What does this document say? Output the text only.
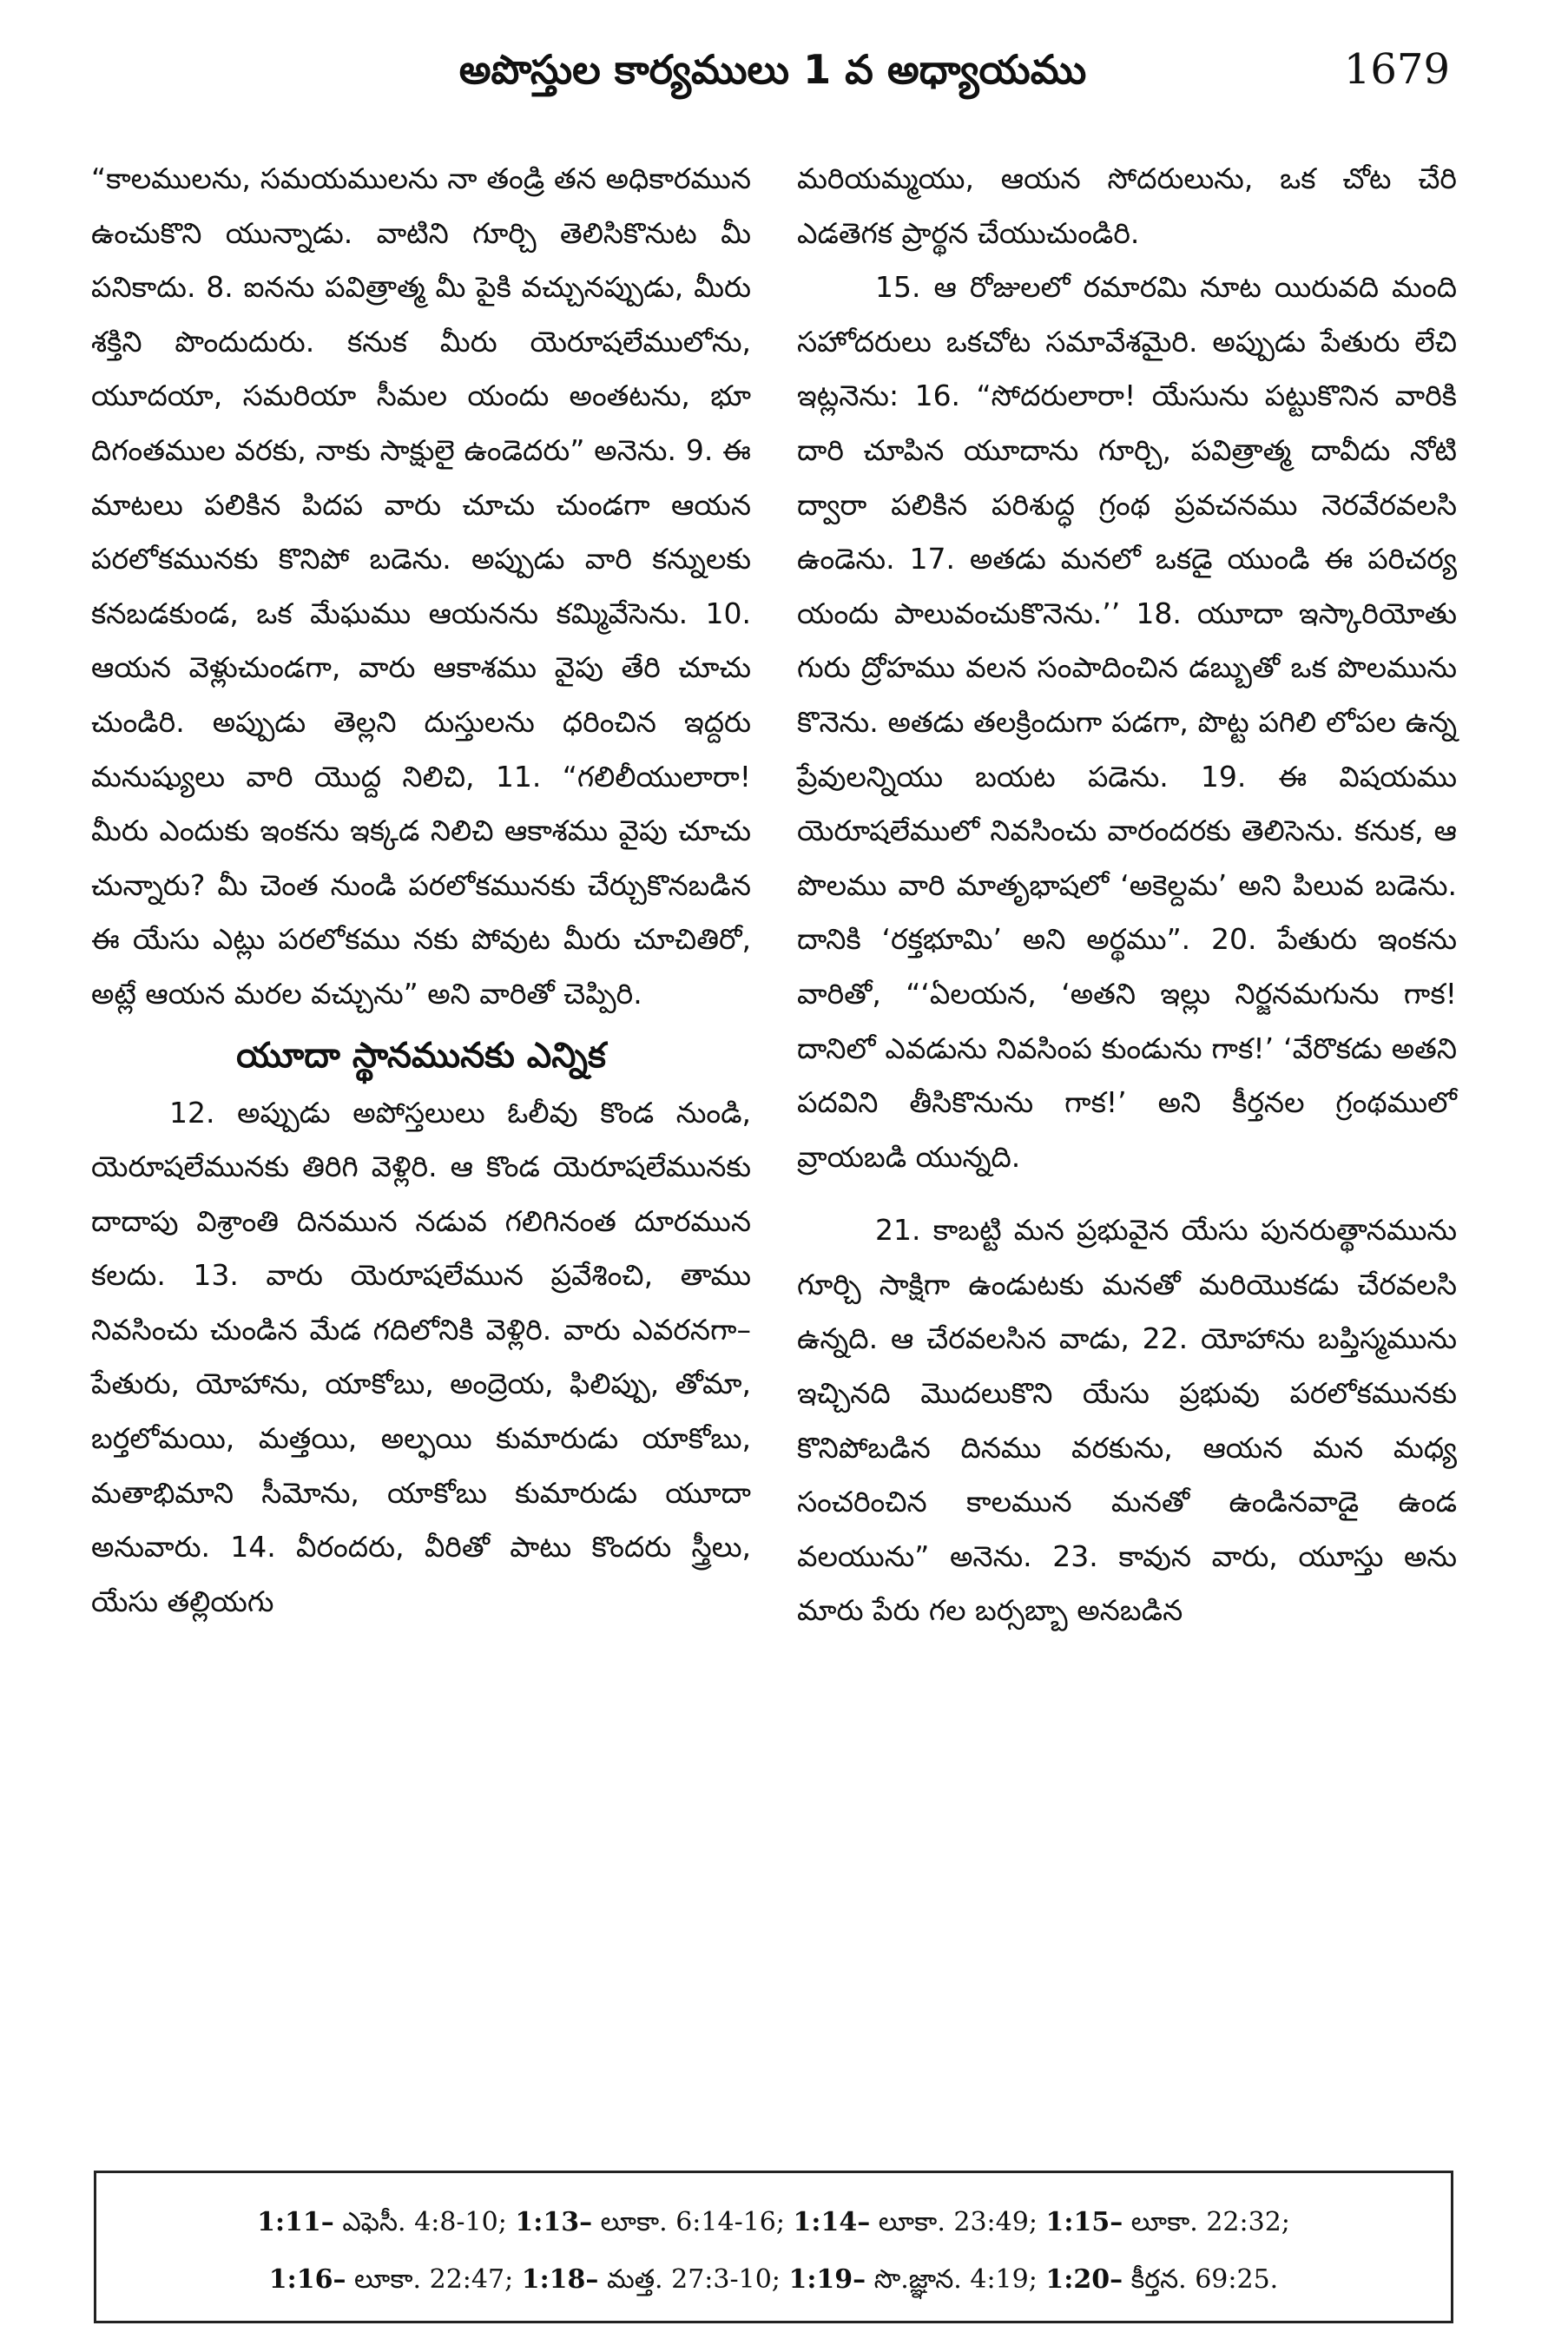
అపొస్తుల కార్యములు 1 వ అధ్యాయము	1679

“కాలములను, సమయములను నా తండ్రి తన అధికారమున ఉంచుకొని యున్నాడు. వాటిని గూర్చి తెలిసికొనుట మీ పనికాదు. 8. ఐనను పవిత్రాత్మ మీ పైకి వచ్చునప్పుడు, మీరు శక్తిని పొందుదురు. కనుక మీరు యెరూషలేములోను, యూదయా, సమరియా సీమల యందు అంతటను, భూ దిగంతముల వరకు, నాకు సాక్షులై ఉండెదరు” అనెను. 9. ఈ మాటలు పలికిన పిదప వారు చూచు చుండగా ఆయన పరలోకమునకు కొనిపో బడెను. అప్పుడు వారి కన్నులకు కనబడకుండ, ఒక మేఘము ఆయనను కమ్మివేసెను. 10. ఆయన వెళ్లుచుండగా, వారు ఆకాశము వైపు తేరి చూచు చుండిరి. అప్పుడు తెల్లని దుస్తులను ధరించిన ఇద్దరు మనుష్యులు వారి యొద్ద నిలిచి, 11. “గలిలీయులారా! మీరు ఎందుకు ఇంకను ఇక్కడ నిలిచి ఆకాశము వైపు చూచు చున్నారు? మీ చెంత నుండి పరలోకమునకు చేర్చుకొనబడిన ఈ యేసు ఎట్లు పరలోకము నకు పోవుట మీరు చూచితిరో, అట్లే ఆయన మరల వచ్చును” అని వారితో చెప్పిరి.

యూదా స్థానమునకు ఎన్నిక

12. అప్పుడు అపోస్తలులు ఓలీవు కొండ నుండి, యెరూషలేమునకు తిరిగి వెళ్లిరి. ఆ కొండ యెరూషలేమునకు దాదాపు విశ్రాంతి దినమున నడువ గలిగినంత దూరమున కలదు. 13. వారు యెరూషలేమున ప్రవేశించి, తాము నివసించు చుండిన మేడ గదిలోనికి వెళ్లిరి. వారు ఎవరనగా– పేతురు, యోహాను, యాకోబు, అంద్రెయ, ఫిలిప్పు, తోమా, బర్తలోమయి, మత్తయి, అల్ఫయి కుమారుడు యాకోబు, మతాభిమాని సీమోను, యాకోబు కుమారుడు యూదా అనువారు. 14. వీరందరు, వీరితో పాటు కొందరు స్త్రీలు, యేసు తల్లియగు

మరియమ్మయు, ఆయన సోదరులును, ఒక చోట చేరి ఎడతెగక ప్రార్థన చేయుచుండిరి.

15. ఆ రోజులలో రమారమి నూట యిరువది మంది సహోదరులు ఒకచోట సమావేశమైరి. అప్పుడు పేతురు లేచి ఇట్లనెను: 16. “సోదరులారా! యేసును పట్టుకొనిన వారికి దారి చూపిన యూదాను గూర్చి, పవిత్రాత్మ దావీదు నోటి ద్వారా పలికిన పరిశుద్ధ గ్రంథ ప్రవచనము నెరవేరవలసి ఉండెను. 17. అతడు మనలో ఒకడై యుండి ఈ పరిచర్య యందు పాలువంచుకొనెను.’’ 18. యూదా ఇస్కారియోతు గురు ద్రోహము వలన సంపాదించిన డబ్బుతో ఒక పొలమును కొనెను. అతడు తలక్రిందుగా పడగా, పొట్ట పగిలి లోపల ఉన్న ప్రేవులన్నియు బయట పడెను. 19. ఈ విషయము యెరూషలేములో నివసించు వారందరకు తెలిసెను. కనుక, ఆ పొలము వారి మాతృభాషలో ‘అకెల్దమ’ అని పిలువ బడెను. దానికి ‘రక్తభూమి’ అని అర్థము”. 20. పేతురు ఇంకను వారితో, “‘ఏలయన, ‘అతని ఇల్లు నిర్జనమగును గాక! దానిలో ఎవడును నివసింప కుండును గాక!’ ‘వేరొకడు అతని పదవిని తీసికొనును గాక!’ అని కీర్తనల గ్రంథములో వ్రాయబడి యున్నది.

21. కాబట్టి మన ప్రభువైన యేసు పునరుత్థానమును గూర్చి సాక్షిగా ఉండుటకు మనతో మరియొకడు చేరవలసి ఉన్నది. ఆ చేరవలసిన వాడు, 22. యోహాను బప్తిస్మమును ఇచ్చినది మొదలుకొని యేసు ప్రభువు పరలోకమునకు కొనిపోబడిన దినము వరకును, ఆయన మన మధ్య సంచరించిన కాలమున మనతో ఉండినవాడై ఉండ వలయును” అనెను. 23. కావున వారు, యూస్తు అను మారు పేరు గల బర్సబ్బా అనబడిన

1:11– ఎఫెసీ. 4:8-10; 1:13– లూకా. 6:14-16; 1:14– లూకా. 23:49; 1:15– లూకా. 22:32;
1:16– లూకా. 22:47; 1:18– మత్త. 27:3-10; 1:19– సొ.జ్ఞాన. 4:19; 1:20– కీర్తన. 69:25.
